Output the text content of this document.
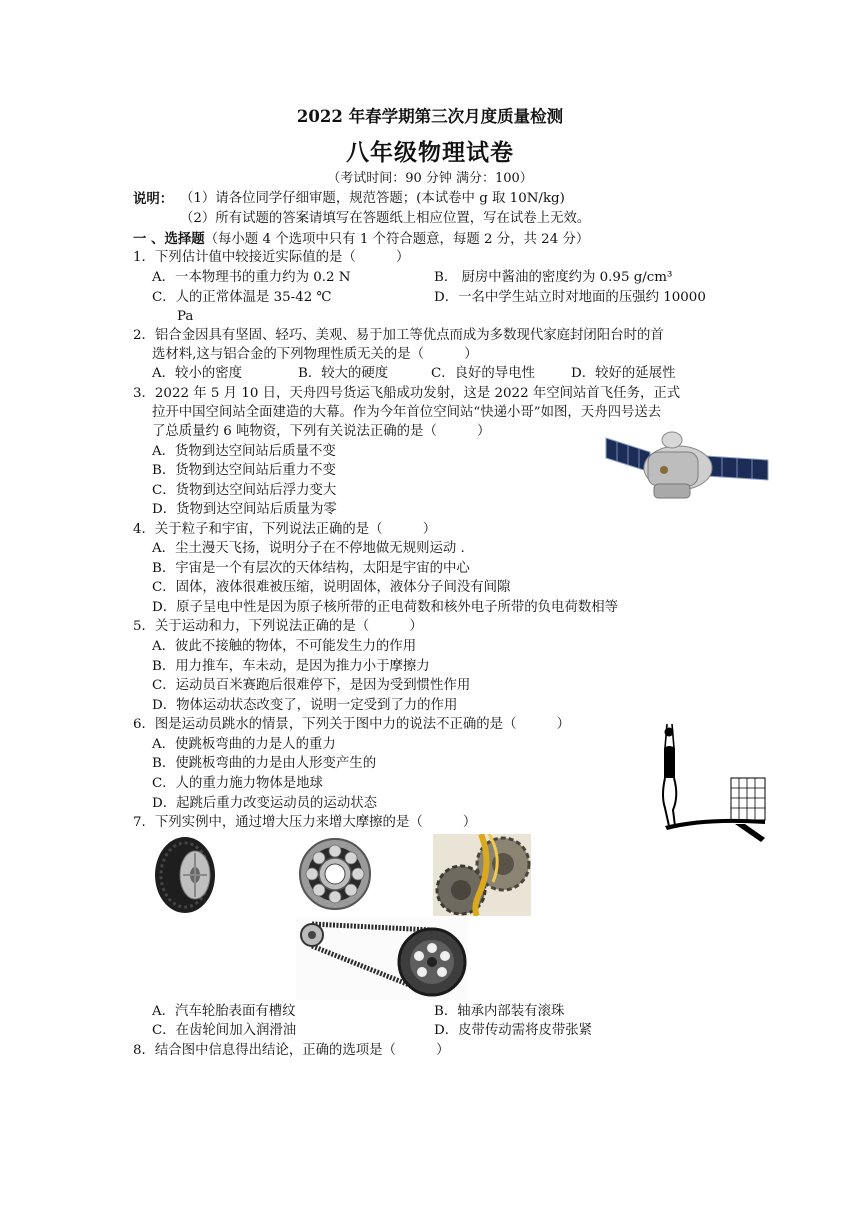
2022 年春学期第三次月度质量检测
八年级物理试卷
（考试时间：90 分钟 满分：100）
说明： （1）请各位同学仔细审题，规范答题；(本试卷中 g 取 10N/kg)
（2）所有试题的答案请填写在答题纸上相应位置，写在试卷上无效。
一 、选择题（每小题 4 个选项中只有 1 个符合题意，每题 2 分，共 24 分）
1．下列估计值中较接近实际值的是（　　　）
A．一本物理书的重力约为 0.2 N	B． 厨房中酱油的密度约为 0.95 g/cm³
C．人的正常体温是 35-42 ℃	D．一名中学生站立时对地面的压强约 10000
Pa
2．铝合金因具有坚固、轻巧、美观、易于加工等优点而成为多数现代家庭封闭阳台时的首
选材料,这与铝合金的下列物理性质无关的是（　　　）
A．较小的密度	B．较大的硬度	C．良好的导电性	D．较好的延展性
3．2022 年 5 月 10 日，天舟四号货运飞船成功发射，这是 2022 年空间站首飞任务，正式
拉开中国空间站全面建造的大幕。作为今年首位空间站“快递小哥”如图，天舟四号送去
了总质量约 6 吨物资，下列有关说法正确的是（　　　）
A．货物到达空间站后质量不变
B．货物到达空间站后重力不变
C．货物到达空间站后浮力变大
D．货物到达空间站后质量为零
4．关于粒子和宇宙，下列说法正确的是（　　　）
A．尘土漫天飞扬，说明分子在不停地做无规则运动 .
B．宇宙是一个有层次的天体结构，太阳是宇宙的中心
C．固体，液体很难被压缩，说明固体，液体分子间没有间隙
D．原子呈电中性是因为原子核所带的正电荷数和核外电子所带的负电荷数相等
5．关于运动和力，下列说法正确的是（　　　）
A．彼此不接触的物体，不可能发生力的作用
B．用力推车，车未动，是因为推力小于摩擦力
C．运动员百米赛跑后很难停下，是因为受到惯性作用
D．物体运动状态改变了，说明一定受到了力的作用
6．图是运动员跳水的情景，下列关于图中力的说法不正确的是（　　　）
A．使跳板弯曲的力是人的重力
B．使跳板弯曲的力是由人形变产生的
C．人的重力施力物体是地球
D．起跳后重力改变运动员的运动状态
7．下列实例中，通过增大压力来增大摩擦的是（　　　）
A．汽车轮胎表面有槽纹	B．轴承内部装有滚珠
C．在齿轮间加入润滑油	D．皮带传动需将皮带张紧
8．结合图中信息得出结论，正确的选项是（　　　）
